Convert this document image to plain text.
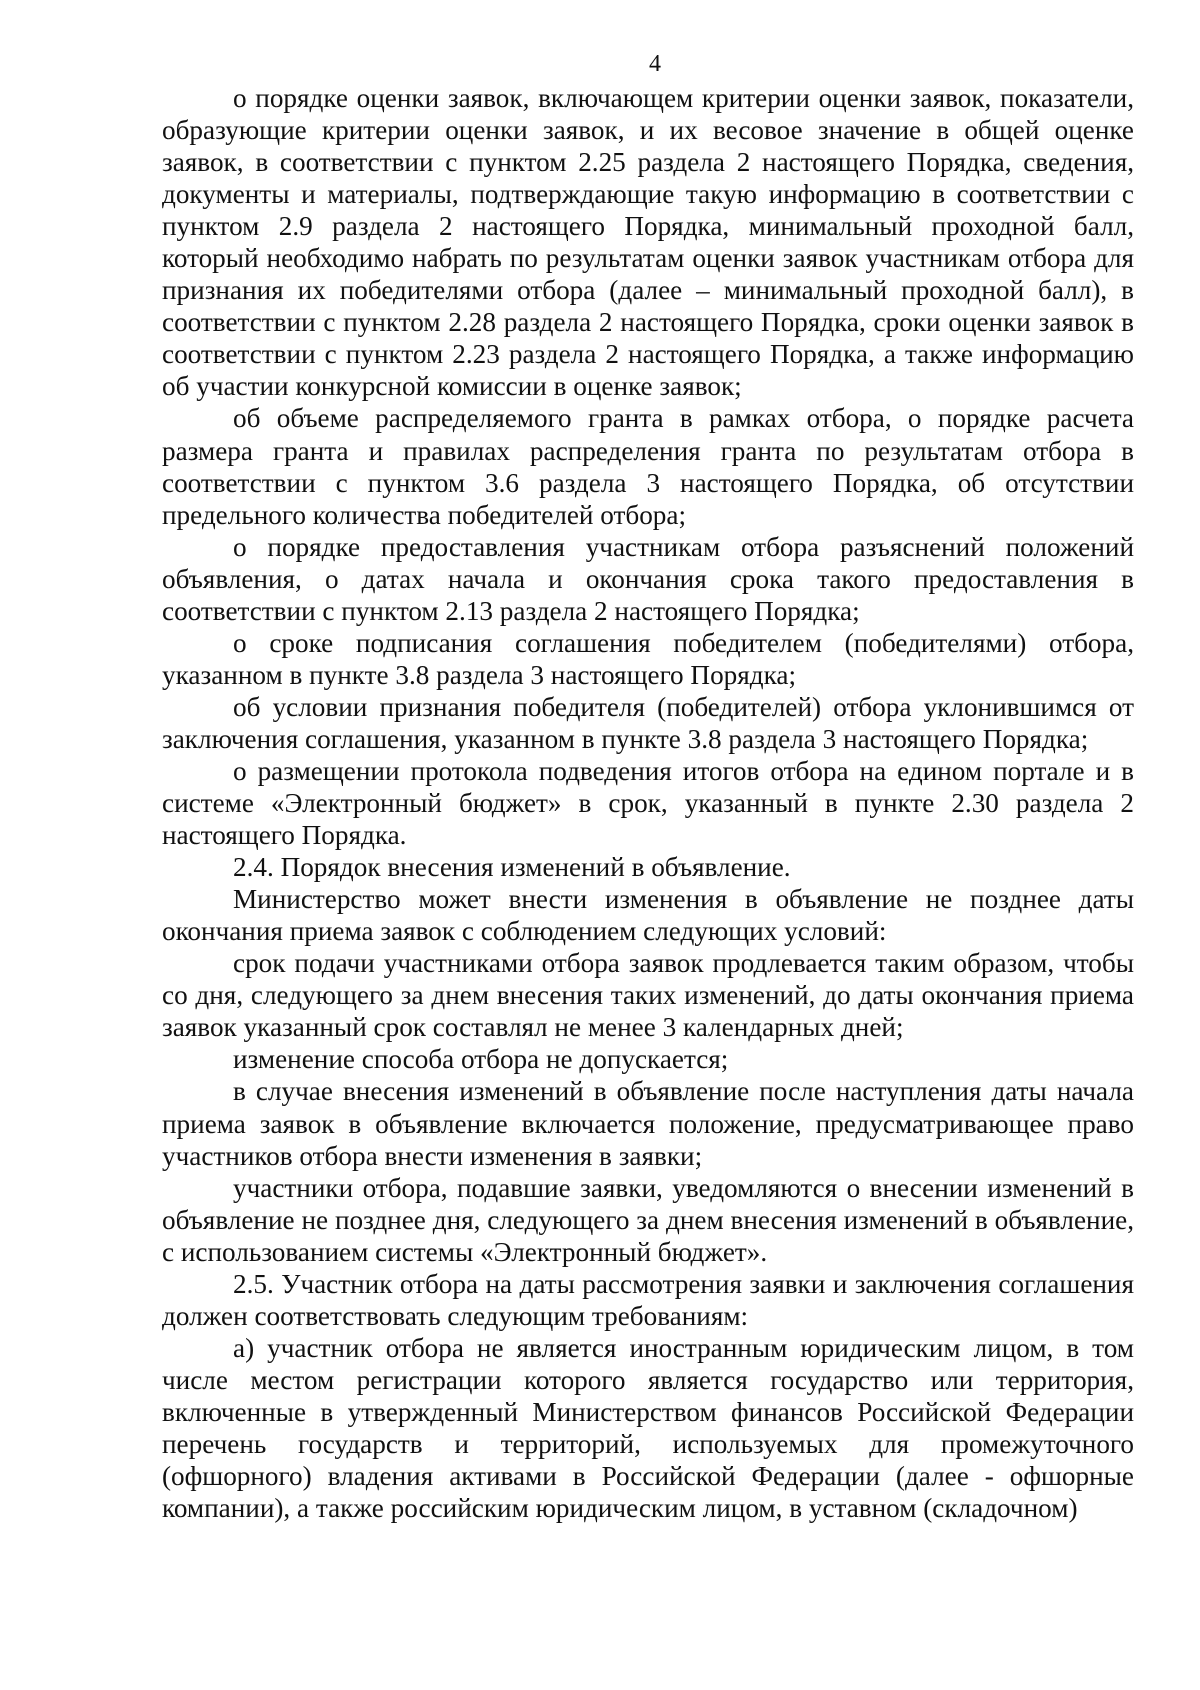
4

о порядке оценки заявок, включающем критерии оценки заявок, показатели, образующие критерии оценки заявок, и их весовое значение в общей оценке заявок, в соответствии с пунктом 2.25 раздела 2 настоящего Порядка, сведения, документы и материалы, подтверждающие такую информацию в соответствии с пунктом 2.9 раздела 2 настоящего Порядка, минимальный проходной балл, который необходимо набрать по результатам оценки заявок участникам отбора для признания их победителями отбора (далее – минимальный проходной балл), в соответствии с пунктом 2.28 раздела 2 настоящего Порядка, сроки оценки заявок в соответствии с пунктом 2.23 раздела 2 настоящего Порядка, а также информацию об участии конкурсной комиссии в оценке заявок;

об объеме распределяемого гранта в рамках отбора, о порядке расчета размера гранта и правилах распределения гранта по результатам отбора в соответствии с пунктом 3.6 раздела 3 настоящего Порядка, об отсутствии предельного количества победителей отбора;

о порядке предоставления участникам отбора разъяснений положений объявления, о датах начала и окончания срока такого предоставления в соответствии с пунктом 2.13 раздела 2 настоящего Порядка;

о сроке подписания соглашения победителем (победителями) отбора, указанном в пункте 3.8 раздела 3 настоящего Порядка;

об условии признания победителя (победителей) отбора уклонившимся от заключения соглашения, указанном в пункте 3.8 раздела 3 настоящего Порядка;

о размещении протокола подведения итогов отбора на едином портале и в системе «Электронный бюджет» в срок, указанный в пункте 2.30 раздела 2 настоящего Порядка.

2.4. Порядок внесения изменений в объявление.

Министерство может внести изменения в объявление не позднее даты окончания приема заявок с соблюдением следующих условий:

срок подачи участниками отбора заявок продлевается таким образом, чтобы со дня, следующего за днем внесения таких изменений, до даты окончания приема заявок указанный срок составлял не менее 3 календарных дней;

изменение способа отбора не допускается;

в случае внесения изменений в объявление после наступления даты начала приема заявок в объявление включается положение, предусматривающее право участников отбора внести изменения в заявки;

участники отбора, подавшие заявки, уведомляются о внесении изменений в объявление не позднее дня, следующего за днем внесения изменений в объявление, с использованием системы «Электронный бюджет».

2.5. Участник отбора на даты рассмотрения заявки и заключения соглашения должен соответствовать следующим требованиям:

а) участник отбора не является иностранным юридическим лицом, в том числе местом регистрации которого является государство или территория, включенные в утвержденный Министерством финансов Российской Федерации перечень государств и территорий, используемых для промежуточного (офшорного) владения активами в Российской Федерации (далее - офшорные компании), а также российским юридическим лицом, в уставном (складочном)
